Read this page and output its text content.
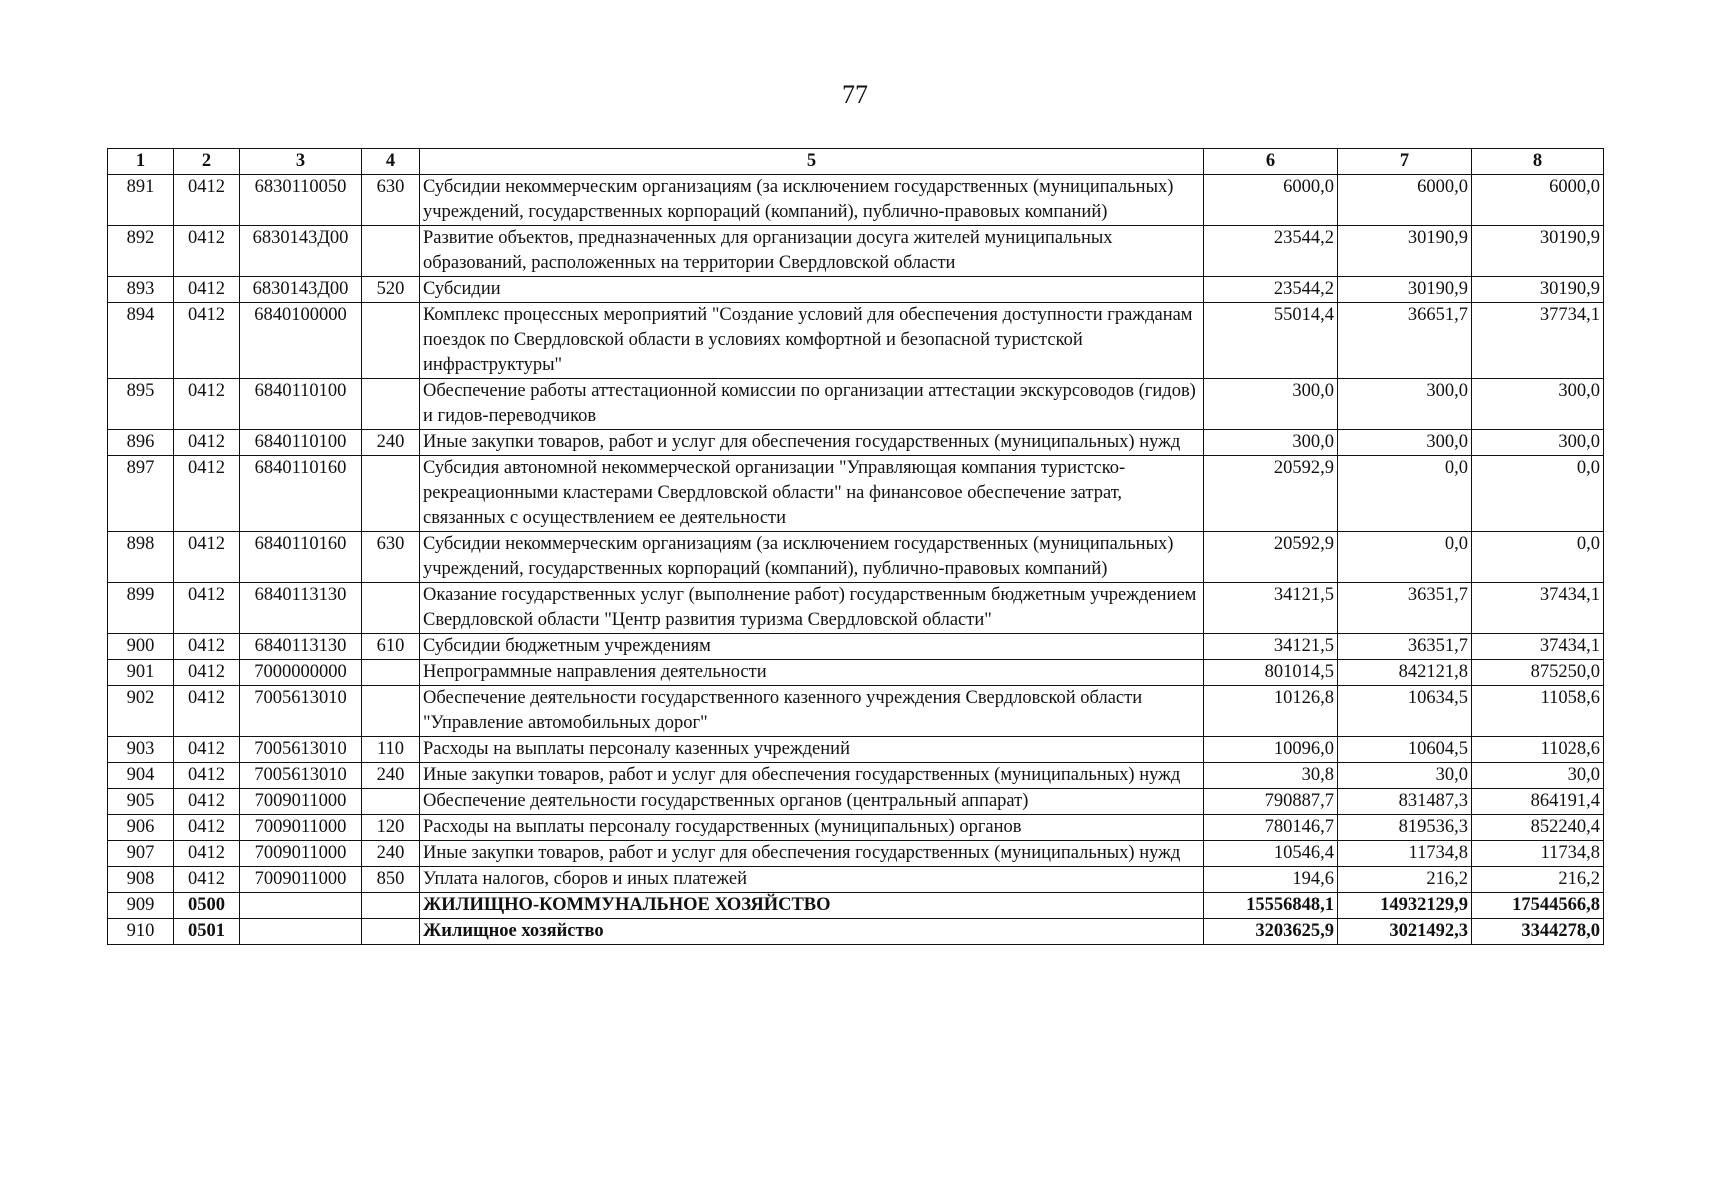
77
1	2	3	4	5	6	7	8
891	0412	6830110050	630	Субсидии некоммерческим организациям (за исключением государственных (муниципальных) учреждений, государственных корпораций (компаний), публично-правовых компаний)	6000,0	6000,0	6000,0
892	0412	6830143Д00		Развитие объектов, предназначенных для организации досуга жителей муниципальных образований, расположенных на территории Свердловской области	23544,2	30190,9	30190,9
893	0412	6830143Д00	520	Субсидии	23544,2	30190,9	30190,9
894	0412	6840100000		Комплекс процессных мероприятий "Создание условий для обеспечения доступности гражданам поездок по Свердловской области в условиях комфортной и безопасной туристской инфраструктуры"	55014,4	36651,7	37734,1
895	0412	6840110100		Обеспечение работы аттестационной комиссии по организации аттестации экскурсоводов (гидов) и гидов-переводчиков	300,0	300,0	300,0
896	0412	6840110100	240	Иные закупки товаров, работ и услуг для обеспечения государственных (муниципальных) нужд	300,0	300,0	300,0
897	0412	6840110160		Субсидия автономной некоммерческой организации "Управляющая компания туристско-рекреационными кластерами Свердловской области" на финансовое обеспечение затрат, связанных с осуществлением ее деятельности	20592,9	0,0	0,0
898	0412	6840110160	630	Субсидии некоммерческим организациям (за исключением государственных (муниципальных) учреждений, государственных корпораций (компаний), публично-правовых компаний)	20592,9	0,0	0,0
899	0412	6840113130		Оказание государственных услуг (выполнение работ) государственным бюджетным учреждением Свердловской области "Центр развития туризма Свердловской области"	34121,5	36351,7	37434,1
900	0412	6840113130	610	Субсидии бюджетным учреждениям	34121,5	36351,7	37434,1
901	0412	7000000000		Непрограммные направления деятельности	801014,5	842121,8	875250,0
902	0412	7005613010		Обеспечение деятельности государственного казенного учреждения Свердловской области "Управление автомобильных дорог"	10126,8	10634,5	11058,6
903	0412	7005613010	110	Расходы на выплаты персоналу казенных учреждений	10096,0	10604,5	11028,6
904	0412	7005613010	240	Иные закупки товаров, работ и услуг для обеспечения государственных (муниципальных) нужд	30,8	30,0	30,0
905	0412	7009011000		Обеспечение деятельности государственных органов (центральный аппарат)	790887,7	831487,3	864191,4
906	0412	7009011000	120	Расходы на выплаты персоналу государственных (муниципальных) органов	780146,7	819536,3	852240,4
907	0412	7009011000	240	Иные закупки товаров, работ и услуг для обеспечения государственных (муниципальных) нужд	10546,4	11734,8	11734,8
908	0412	7009011000	850	Уплата налогов, сборов и иных платежей	194,6	216,2	216,2
909	0500			ЖИЛИЩНО-КОММУНАЛЬНОЕ ХОЗЯЙСТВО	15556848,1	14932129,9	17544566,8
910	0501			Жилищное хозяйство	3203625,9	3021492,3	3344278,0
